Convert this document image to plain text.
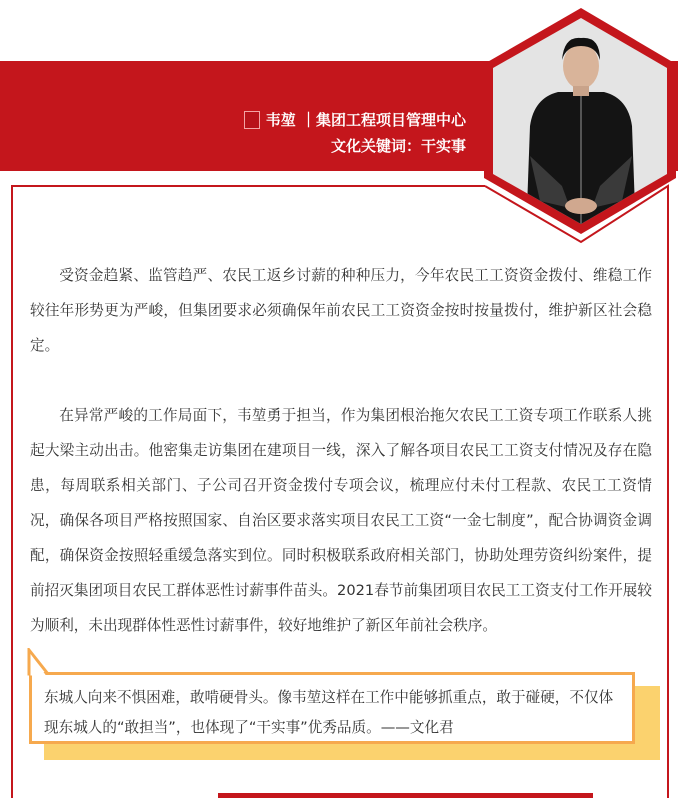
韦堃 ｜集团工程项目管理中心
文化关键词：干实事

受资金趋紧、监管趋严、农民工返乡讨薪的种种压力，今年农民工工资资金拨付、维稳工作较往年形势更为严峻，但集团要求必须确保年前农民工工资资金按时按量拨付，维护新区社会稳定。

在异常严峻的工作局面下，韦堃勇于担当，作为集团根治拖欠农民工工资专项工作联系人挑起大梁主动出击。他密集走访集团在建项目一线，深入了解各项目农民工工资支付情况及存在隐患，每周联系相关部门、子公司召开资金拨付专项会议，梳理应付未付工程款、农民工工资情况，确保各项目严格按照国家、自治区要求落实项目农民工工资“一金七制度”，配合协调资金调配，确保资金按照轻重缓急落实到位。同时积极联系政府相关部门，协助处理劳资纠纷案件，提前招灭集团项目农民工群体恶性讨薪事件苗头。2021春节前集团项目农民工工资支付工作开展较为顺利，未出现群体性恶性讨薪事件，较好地维护了新区年前社会秩序。

东城人向来不惧困难，敢啃硬骨头。像韦堃这样在工作中能够抓重点，敢于碰硬，不仅体现东城人的“敢担当”，也体现了“干实事”优秀品质。——文化君
